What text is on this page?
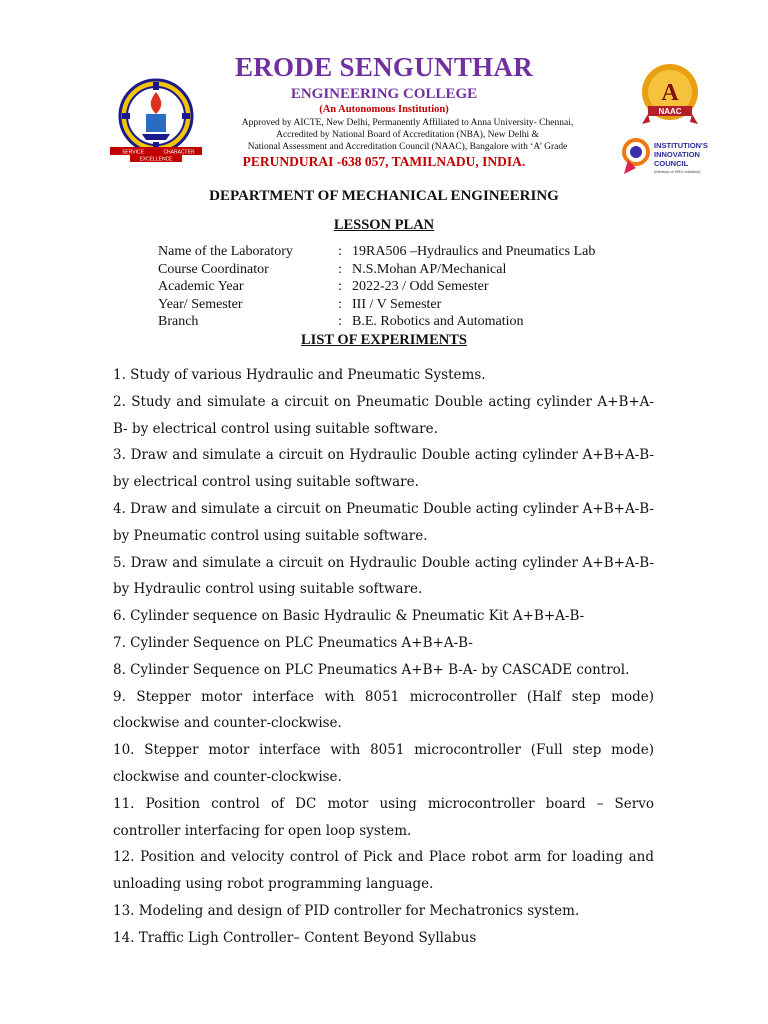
SERVICE	CHARACTER
EXCELLENCE
A
NAAC
INSTITUTION'S
INNOVATION
COUNCIL
(Ministry of HRD Initiative)
ERODE SENGUNTHAR
ENGINEERING COLLEGE
(An Autonomous Institution)
Approved by AICTE, New Delhi, Permanently Affiliated to Anna University- Chennai,
Accredited by National Board of Accreditation (NBA), New Delhi &
National Assessment and Accreditation Council (NAAC), Bangalore with ‘A’ Grade
PERUNDURAI -638 057, TAMILNADU, INDIA.
DEPARTMENT OF MECHANICAL ENGINEERING
LESSON PLAN
Name of the Laboratory	: 19RA506 –Hydraulics and Pneumatics Lab
Course Coordinator	: N.S.Mohan AP/Mechanical
Academic Year	: 2022-23 / Odd Semester
Year/ Semester	: III / V Semester
Branch	: B.E. Robotics and Automation
LIST OF EXPERIMENTS

1. Study of various Hydraulic and Pneumatic Systems.

2. Study and simulate a circuit on Pneumatic Double acting cylinder A+B+A-B- by electrical control using suitable software.

3. Draw and simulate a circuit on Hydraulic Double acting cylinder A+B+A-B- by electrical control using suitable software.

4. Draw and simulate a circuit on Pneumatic Double acting cylinder A+B+A-B- by Pneumatic control using suitable software.

5. Draw and simulate a circuit on Hydraulic Double acting cylinder A+B+A-B- by Hydraulic control using suitable software.

6. Cylinder sequence on Basic Hydraulic & Pneumatic Kit A+B+A-B-

7. Cylinder Sequence on PLC Pneumatics A+B+A-B-

8. Cylinder Sequence on PLC Pneumatics A+B+ B-A- by CASCADE control.

9. Stepper motor interface with 8051 microcontroller (Half step mode) clockwise and counter-clockwise.

10. Stepper motor interface with 8051 microcontroller (Full step mode) clockwise and counter-clockwise.

11. Position control of DC motor using microcontroller board – Servo controller interfacing for open loop system.

12. Position and velocity control of Pick and Place robot arm for loading and unloading using robot programming language.

13. Modeling and design of PID controller for Mechatronics system.

14. Traffic Ligh Controller– Content Beyond Syllabus
